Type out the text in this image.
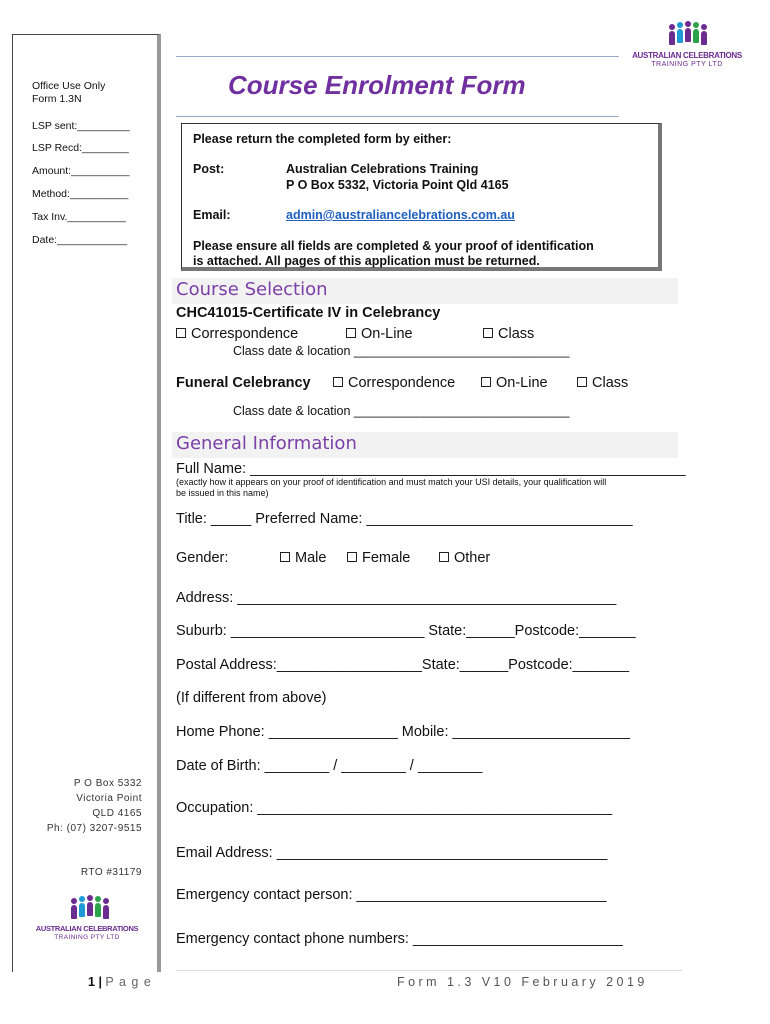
Office Use Only
Form 1.3N
LSP sent:_________
LSP Recd:________
Amount:__________
Method:__________
Tax Inv.__________
Date:____________
AUSTRALIAN CELEBRATIONS
TRAINING PTY LTD
Course Enrolment Form
Please return the completed form by either:
Post:	Australian Celebrations Training
P O Box 5332, Victoria Point Qld 4165
Email:	admin@australiancelebrations.com.au
Please ensure all fields are completed & your proof of identification
is attached. All pages of this application must be returned.
Course Selection
CHC41015-Certificate IV in Celebrancy
Correspondence	On-Line	Class
Class date & location _______________________________
Funeral Celebrancy	Correspondence	On-Line	Class
Class date & location _______________________________
General Information
Full Name: ______________________________________________________
(exactly how it appears on your proof of identification and must match your USI details, your qualification will
be issued in this name)
Title: _____ Preferred Name: _________________________________
Gender:	Male	Female	Other
Address: _______________________________________________
Suburb: ________________________ State:______Postcode:_______
Postal Address:__________________State:______Postcode:_______
(If different from above)
Home Phone: ________________ Mobile: ______________________
Date of Birth: ________ / ________ / ________
Occupation: ____________________________________________
Email Address: _________________________________________
Emergency contact person: _______________________________
Emergency contact phone numbers: __________________________
P O Box 5332
Victoria Point
QLD 4165
Ph: (07) 3207-9515
RTO #31179
AUSTRALIAN CELEBRATIONS
TRAINING PTY LTD
1 | P a g e	F o r m   1 . 3   V 1 0   F e b r u a r y   2 0 1 9
